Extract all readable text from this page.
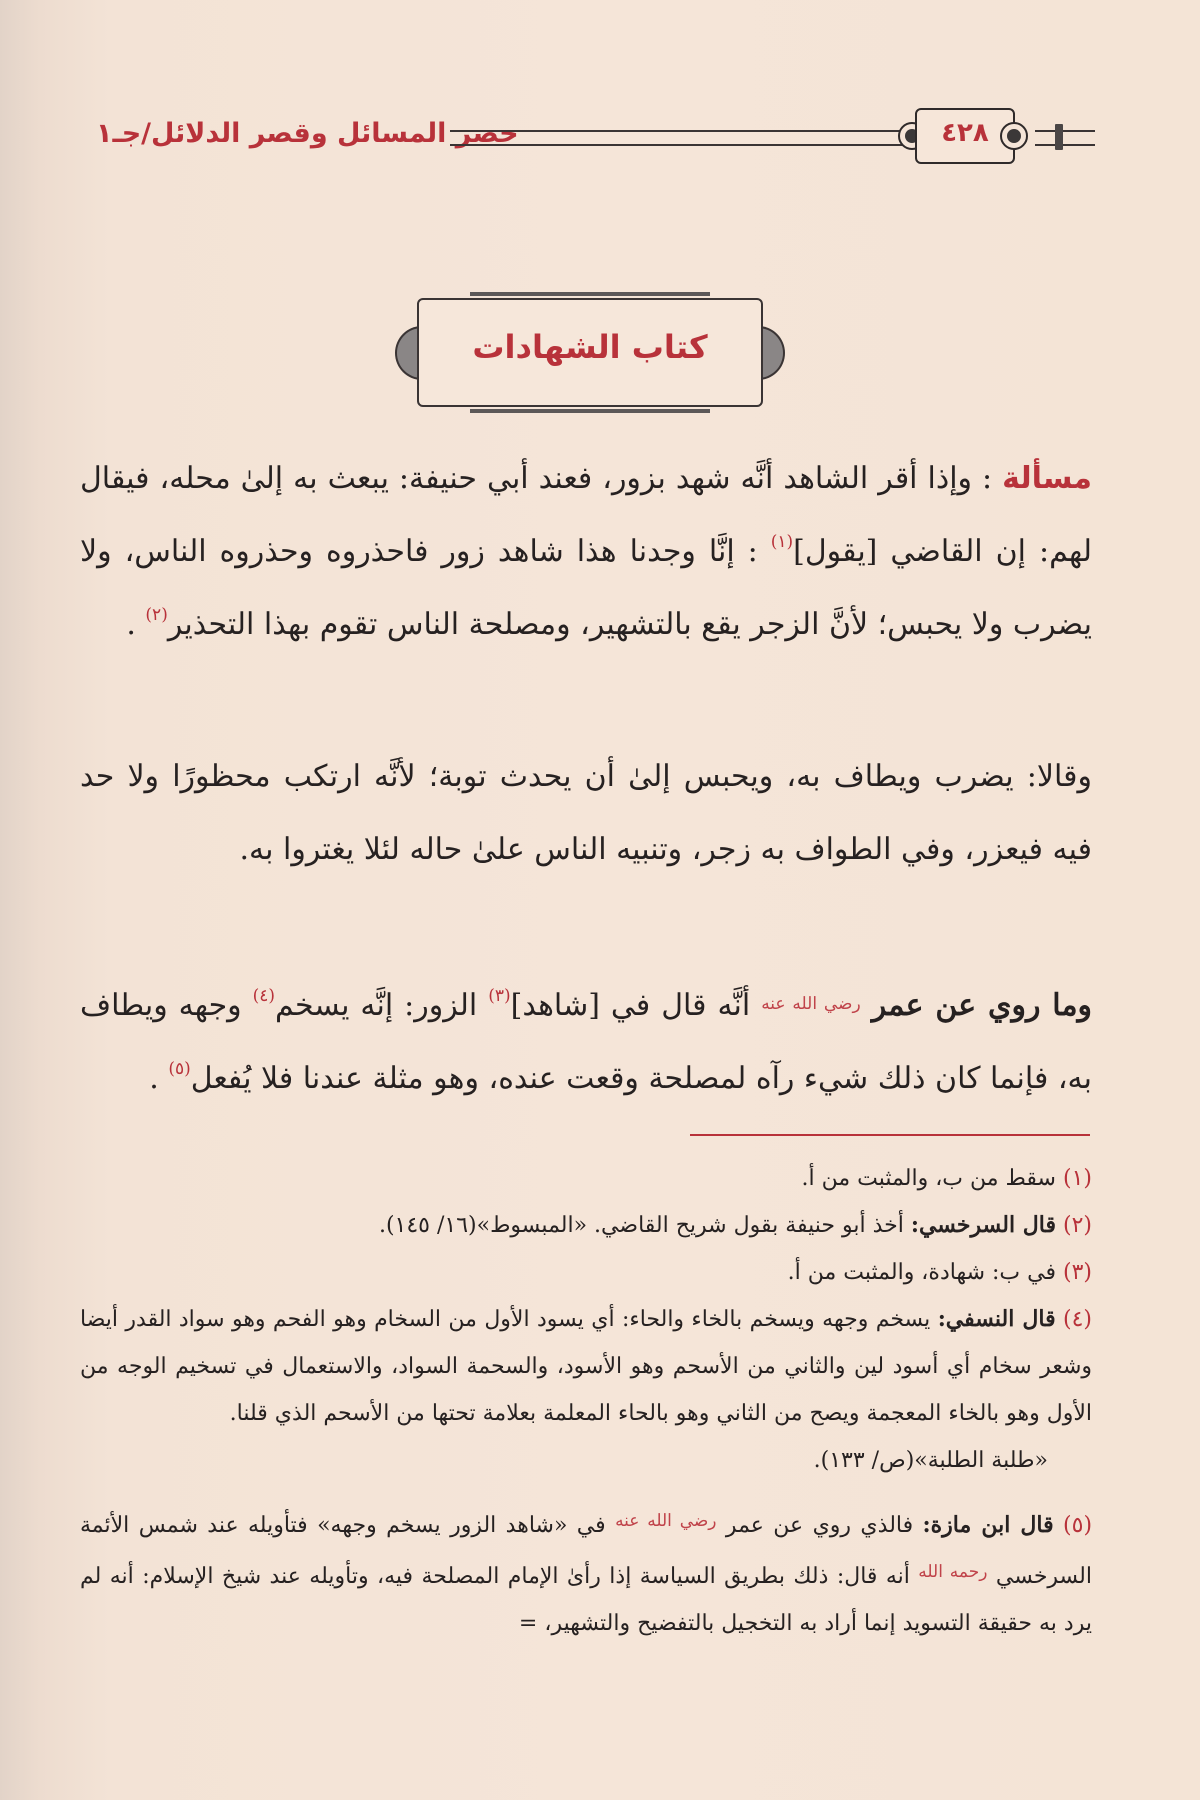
حصر المسائل وقصر الدلائل/جـ١	٤٢٨
كتاب الشهادات
مسألة : وإذا أقر الشاهد أنَّه شهد بزور، فعند أبي حنيفة: يبعث به إلىٰ محله، فيقال لهم: إن القاضي [يقول]$^{(١)}$ : إنَّا وجدنا هذا شاهد زور فاحذروه وحذروه الناس، ولا يضرب ولا يحبس؛ لأنَّ الزجر يقع بالتشهير، ومصلحة الناس تقوم بهذا التحذير$^{(٢)}$ .
وقالا: يضرب ويطاف به، ويحبس إلىٰ أن يحدث توبة؛ لأنَّه ارتكب محظورًا ولا حد فيه فيعزر، وفي الطواف به زجر، وتنبيه الناس علىٰ حاله لئلا يغتروا به.
وما روي عن عمر $^{رضي الله عنه}$ أنَّه قال في [شاهد]$^{(٣)}$ الزور: إنَّه يسخم$^{(٤)}$ وجهه ويطاف به، فإنما كان ذلك شيء رآه لمصلحة وقعت عنده، وهو مثلة عندنا فلا يُفعل$^{(٥)}$ .
(١) سقط من ب، والمثبت من أ.
(٢) قال السرخسي: أخذ أبو حنيفة بقول شريح القاضي. «المبسوط»(١٦/ ١٤٥).
(٣) في ب: شهادة، والمثبت من أ.
(٤) قال النسفي: يسخم وجهه ويسخم بالخاء والحاء: أي يسود الأول من السخام وهو الفحم وهو سواد القدر أيضا وشعر سخام أي أسود لين والثاني من الأسحم وهو الأسود، والسحمة السواد، والاستعمال في تسخيم الوجه من الأول وهو بالخاء المعجمة ويصح من الثاني وهو بالحاء المعلمة بعلامة تحتها من الأسحم الذي قلنا.
«طلبة الطلبة»(ص/ ١٣٣).
(٥) قال ابن مازة: فالذي روي عن عمر $^{رضي الله عنه}$ في «شاهد الزور يسخم وجهه» فتأويله عند شمس الأئمة السرخسي $^{رحمه الله}$ أنه قال: ذلك بطريق السياسة إذا رأىٰ الإمام المصلحة فيه، وتأويله عند شيخ الإسلام: أنه لم يرد به حقيقة التسويد إنما أراد به التخجيل بالتفضيح والتشهير، =
